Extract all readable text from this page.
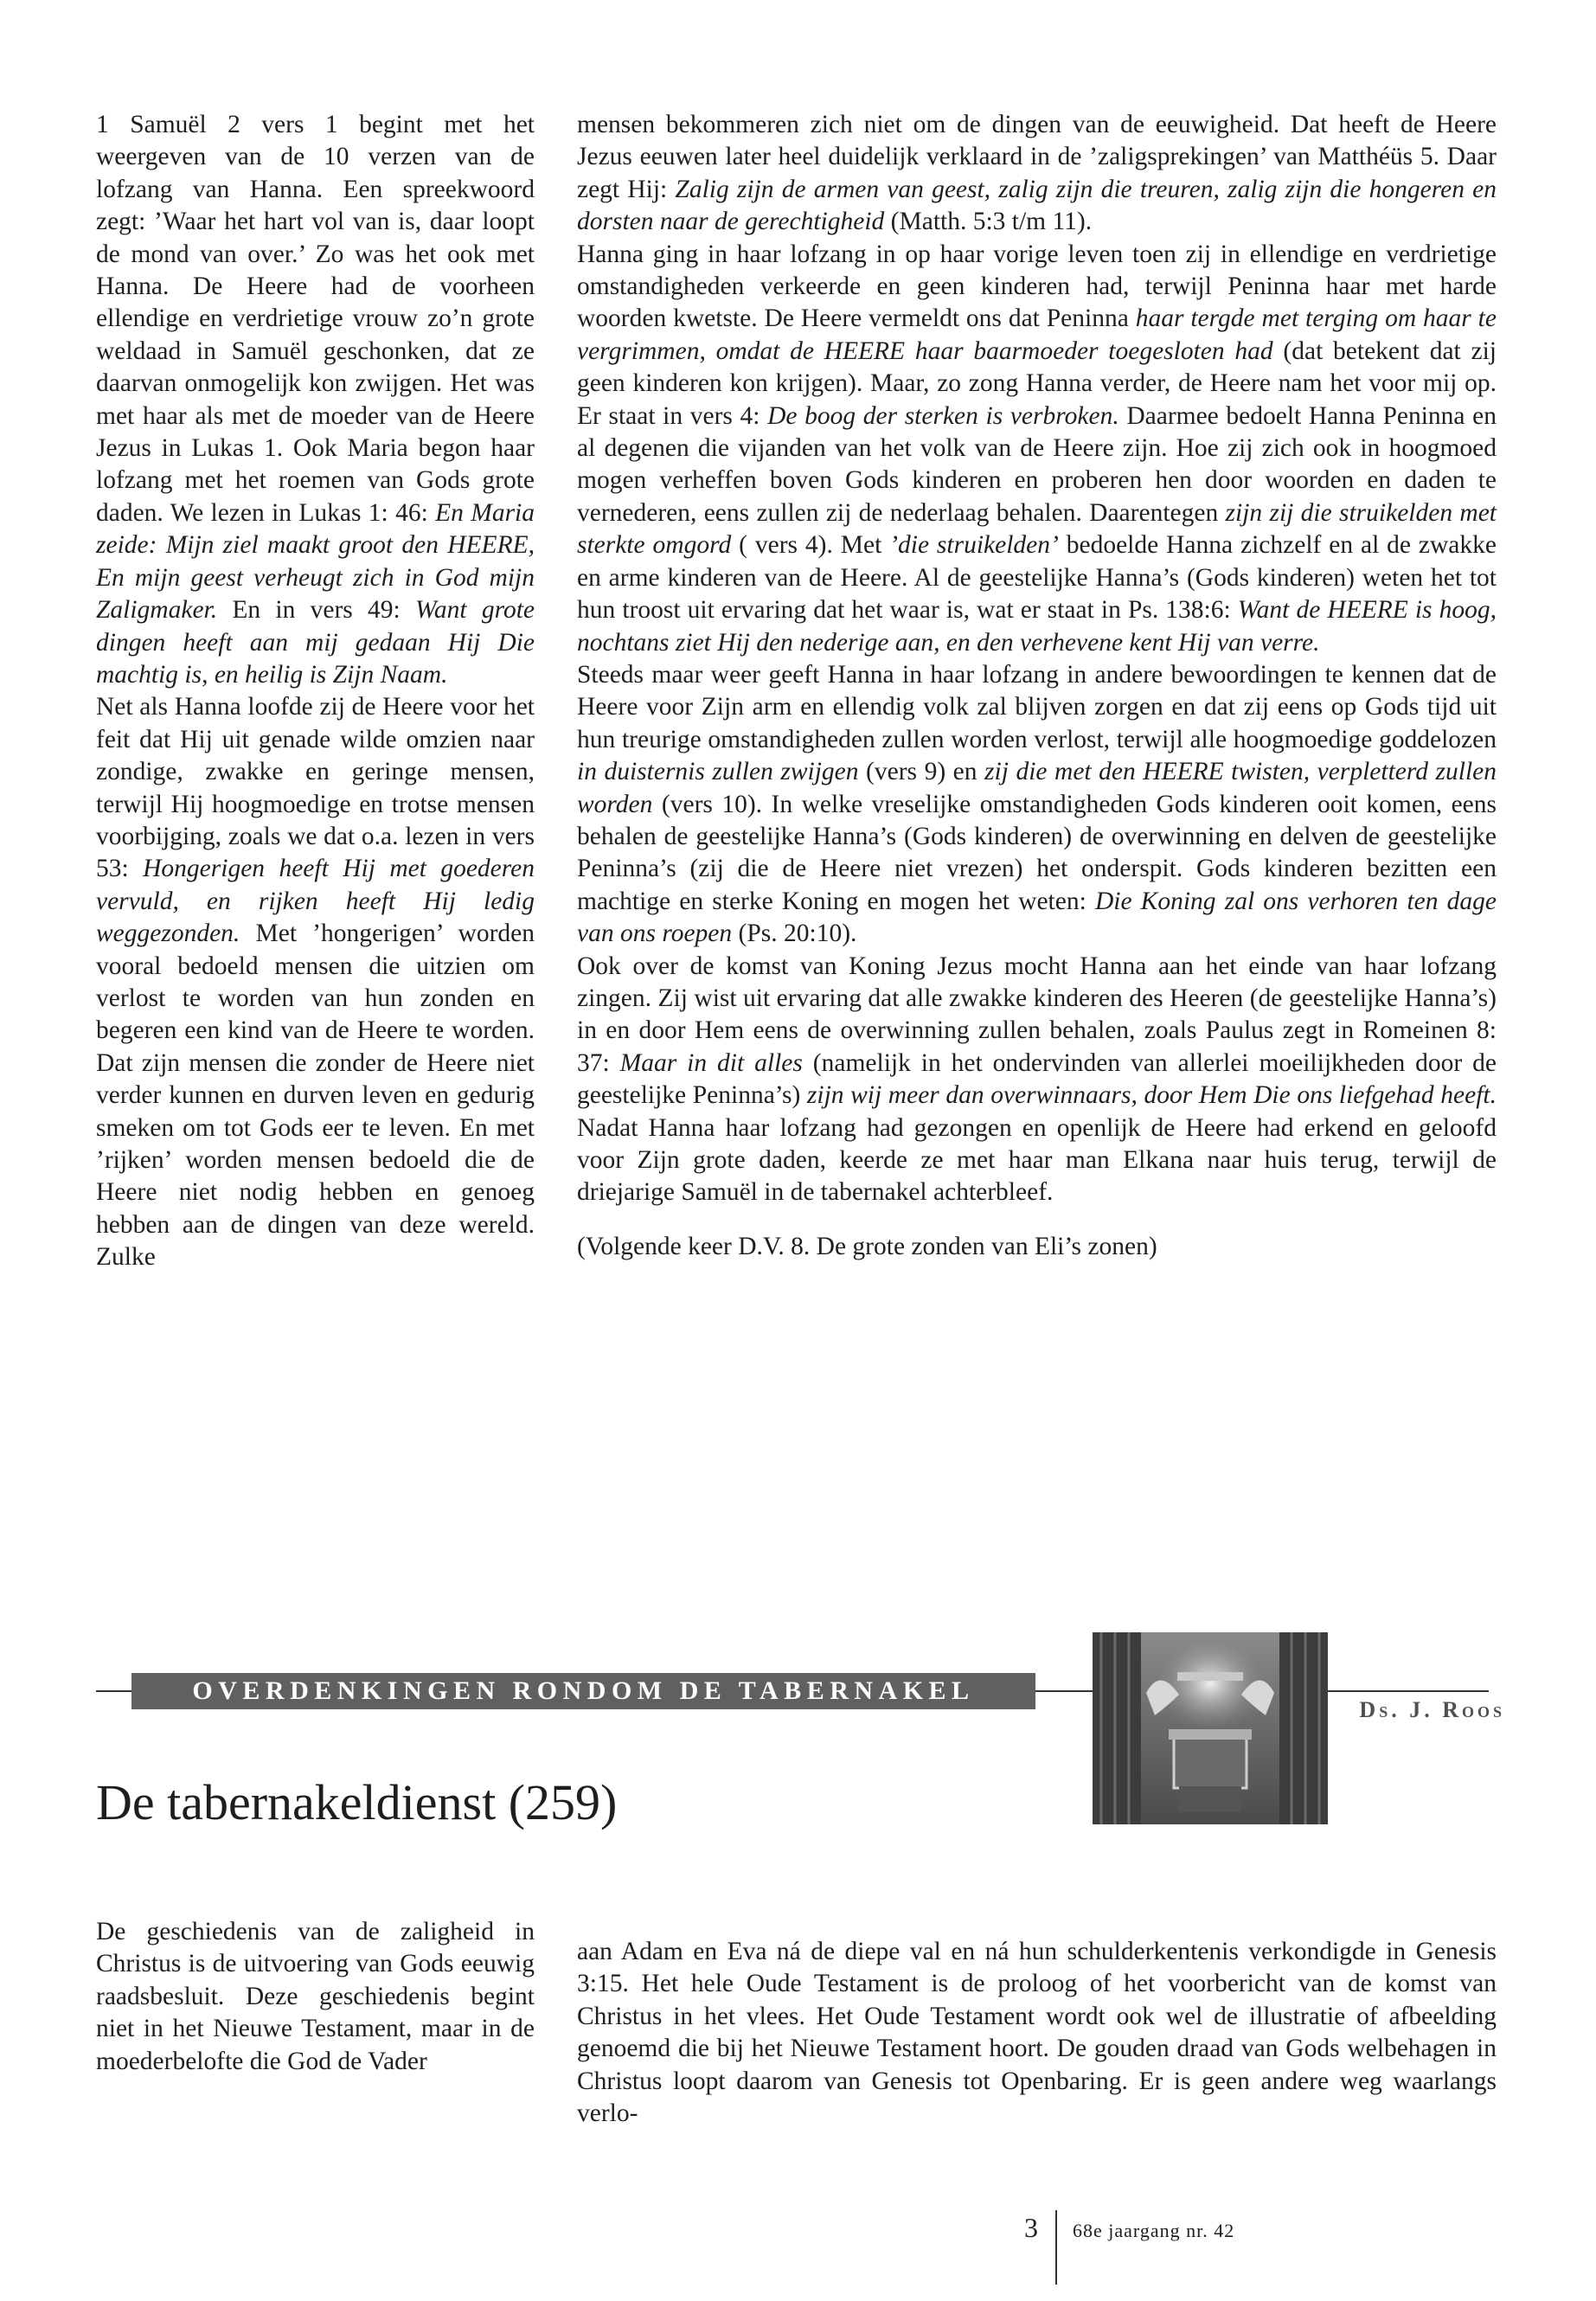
1 Samuël 2 vers 1 begint met het weergeven van de 10 verzen van de lofzang van Hanna. Een spreekwoord zegt: ’Waar het hart vol van is, daar loopt de mond van over.’ Zo was het ook met Hanna. De Heere had de voorheen ellendige en verdrietige vrouw zo’n grote weldaad in Samuël geschonken, dat ze daarvan onmogelijk kon zwijgen. Het was met haar als met de moeder van de Heere Jezus in Lukas 1. Ook Maria begon haar lofzang met het roemen van Gods grote daden. We lezen in Lukas 1: 46: En Maria zeide: Mijn ziel maakt groot den HEERE, En mijn geest verheugt zich in God mijn Zaligmaker. En in vers 49: Want grote dingen heeft aan mij gedaan Hij Die machtig is, en heilig is Zijn Naam.

Net als Hanna loofde zij de Heere voor het feit dat Hij uit genade wilde omzien naar zondige, zwakke en geringe mensen, terwijl Hij hoogmoedige en trotse mensen voorbijging, zoals we dat o.a. lezen in vers 53: Hongerigen heeft Hij met goederen vervuld, en rijken heeft Hij ledig weggezonden. Met ’hongerigen’ worden vooral bedoeld mensen die uitzien om verlost te worden van hun zonden en begeren een kind van de Heere te worden. Dat zijn mensen die zonder de Heere niet verder kunnen en durven leven en gedurig smeken om tot Gods eer te leven. En met ’rijken’ worden mensen bedoeld die de Heere niet nodig hebben en genoeg hebben aan de dingen van deze wereld. Zulke

mensen bekommeren zich niet om de dingen van de eeuwigheid. Dat heeft de Heere Jezus eeuwen later heel duidelijk verklaard in de ’zaligsprekingen’ van Matthéüs 5. Daar zegt Hij: Zalig zijn de armen van geest, zalig zijn die treuren, zalig zijn die hongeren en dorsten naar de gerechtigheid (Matth. 5:3 t/m 11).

Hanna ging in haar lofzang in op haar vorige leven toen zij in ellendige en verdrietige omstandigheden verkeerde en geen kinderen had, terwijl Peninna haar met harde woorden kwetste. De Heere vermeldt ons dat Peninna haar tergde met terging om haar te vergrimmen, omdat de HEERE haar baarmoeder toegesloten had (dat betekent dat zij geen kinderen kon krijgen). Maar, zo zong Hanna verder, de Heere nam het voor mij op. Er staat in vers 4: De boog der sterken is verbroken. Daarmee bedoelt Hanna Peninna en al degenen die vijanden van het volk van de Heere zijn. Hoe zij zich ook in hoogmoed mogen verheffen boven Gods kinderen en proberen hen door woorden en daden te vernederen, eens zullen zij de nederlaag behalen. Daarentegen zijn zij die struikelden met sterkte omgord ( vers 4). Met ’die struikelden’ bedoelde Hanna zichzelf en al de zwakke en arme kinderen van de Heere. Al de geestelijke Hanna’s (Gods kinderen) weten het tot hun troost uit ervaring dat het waar is, wat er staat in Ps. 138:6: Want de HEERE is hoog, nochtans ziet Hij den nederige aan, en den verhevene kent Hij van verre.

Steeds maar weer geeft Hanna in haar lofzang in andere bewoordingen te kennen dat de Heere voor Zijn arm en ellendig volk zal blijven zorgen en dat zij eens op Gods tijd uit hun treurige omstandigheden zullen worden verlost, terwijl alle hoogmoedige goddelozen in duisternis zullen zwijgen (vers 9) en zij die met den HEERE twisten, verpletterd zullen worden (vers 10). In welke vreselijke omstandigheden Gods kinderen ooit komen, eens behalen de geestelijke Hanna’s (Gods kinderen) de overwinning en delven de geestelijke Peninna’s (zij die de Heere niet vrezen) het onderspit. Gods kinderen bezitten een machtige en sterke Koning en mogen het weten: Die Koning zal ons verhoren ten dage van ons roepen (Ps. 20:10).

Ook over de komst van Koning Jezus mocht Hanna aan het einde van haar lofzang zingen. Zij wist uit ervaring dat alle zwakke kinderen des Heeren (de geestelijke Hanna’s) in en door Hem eens de overwinning zullen behalen, zoals Paulus zegt in Romeinen 8: 37: Maar in dit alles (namelijk in het ondervinden van allerlei moeilijkheden door de geestelijke Peninna’s) zijn wij meer dan overwinnaars, door Hem Die ons liefgehad heeft. Nadat Hanna haar lofzang had gezongen en openlijk de Heere had erkend en geloofd voor Zijn grote daden, keerde ze met haar man Elkana naar huis terug, terwijl de driejarige Samuël in de tabernakel achterbleef.

(Volgende keer D.V. 8. De grote zonden van Eli’s zonen)

OVERDENKINGEN RONDOM DE TABERNAKEL
Ds. J. Roos
De tabernakeldienst (259)

De geschiedenis van de zaligheid in Christus is de uitvoering van Gods eeuwig raadsbesluit. Deze geschiedenis begint niet in het Nieuwe Testament, maar in de moederbelofte die God de Vader

aan Adam en Eva ná de diepe val en ná hun schulderkentenis verkondigde in Genesis 3:15. Het hele Oude Testament is de proloog of het voorbericht van de komst van Christus in het vlees. Het Oude Testament wordt ook wel de illustratie of afbeelding genoemd die bij het Nieuwe Testament hoort. De gouden draad van Gods welbehagen in Christus loopt daarom van Genesis tot Openbaring. Er is geen andere weg waarlangs verlo-

3 68e jaargang nr. 42
